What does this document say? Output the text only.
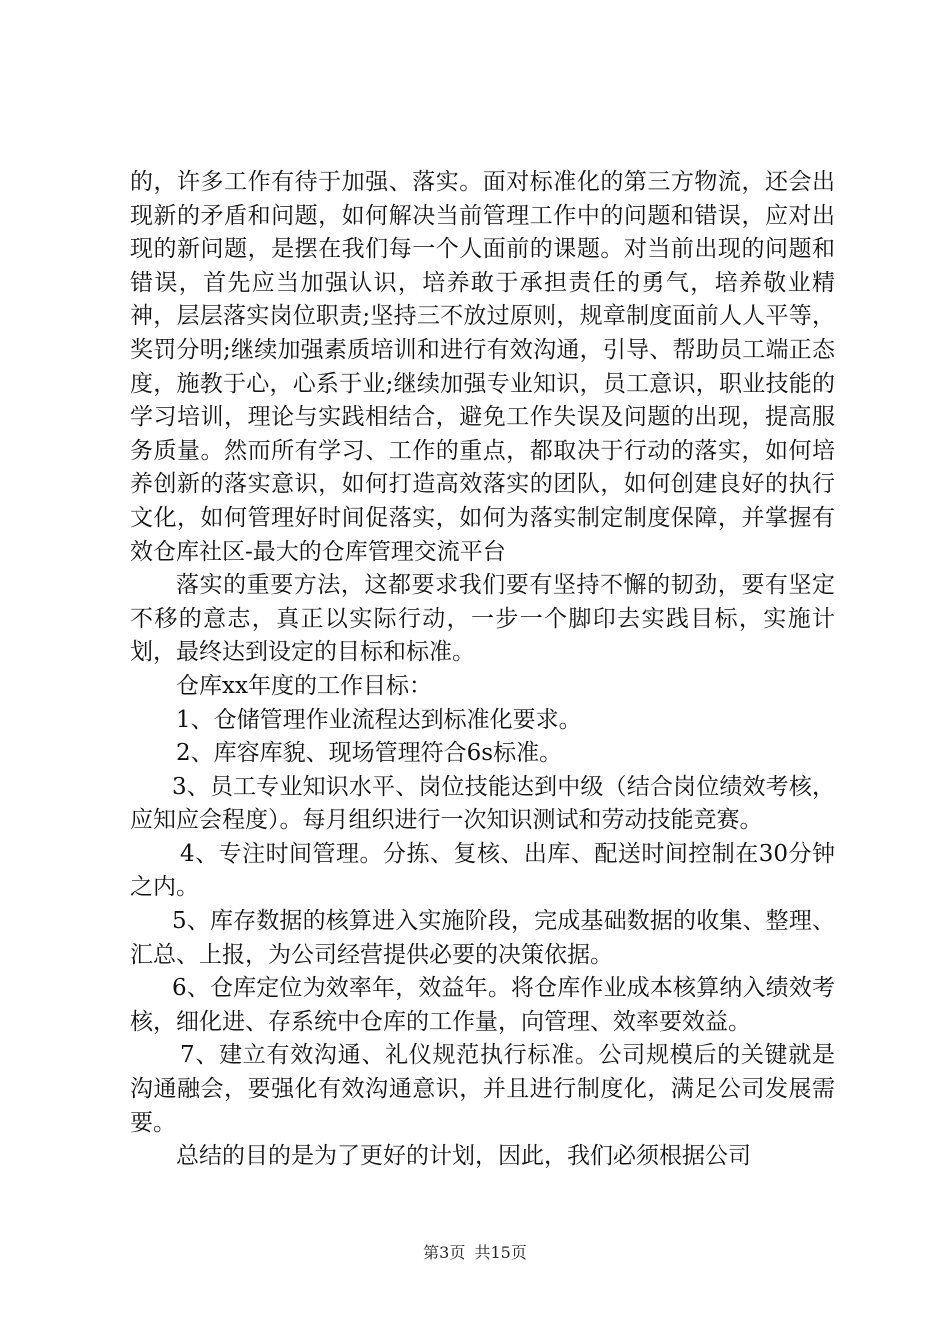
的，许多工作有待于加强、落实。面对标准化的第三方物流，还会出现新的矛盾和问题，如何解决当前管理工作中的问题和错误，应对出现的新问题，是摆在我们每一个人面前的课题。对当前出现的问题和错误，首先应当加强认识，培养敢于承担责任的勇气，培养敬业精神，层层落实岗位职责;坚持三不放过原则，规章制度面前人人平等，奖罚分明;继续加强素质培训和进行有效沟通，引导、帮助员工端正态度，施教于心，心系于业;继续加强专业知识，员工意识，职业技能的学习培训，理论与实践相结合，避免工作失误及问题的出现，提高服务质量。然而所有学习、工作的重点，都取决于行动的落实，如何培养创新的落实意识，如何打造高效落实的团队，如何创建良好的执行文化，如何管理好时间促落实，如何为落实制定制度保障，并掌握有效仓库社区-最大的仓库管理交流平台

落实的重要方法，这都要求我们要有坚持不懈的韧劲，要有坚定不移的意志，真正以实际行动，一步一个脚印去实践目标，实施计划，最终达到设定的目标和标准。

仓库xx年度的工作目标：

1、仓储管理作业流程达到标准化要求。

2、库容库貌、现场管理符合6s标准。

3、员工专业知识水平、岗位技能达到中级（结合岗位绩效考核，应知应会程度）。每月组织进行一次知识测试和劳动技能竞赛。

4、专注时间管理。分拣、复核、出库、配送时间控制在30分钟之内。

5、库存数据的核算进入实施阶段，完成基础数据的收集、整理、汇总、上报，为公司经营提供必要的决策依据。

6、仓库定位为效率年，效益年。将仓库作业成本核算纳入绩效考核，细化进、存系统中仓库的工作量，向管理、效率要效益。

7、建立有效沟通、礼仪规范执行标准。公司规模后的关键就是沟通融会，要强化有效沟通意识，并且进行制度化，满足公司发展需要。

总结的目的是为了更好的计划，因此，我们必须根据公司

第3页 共15页
